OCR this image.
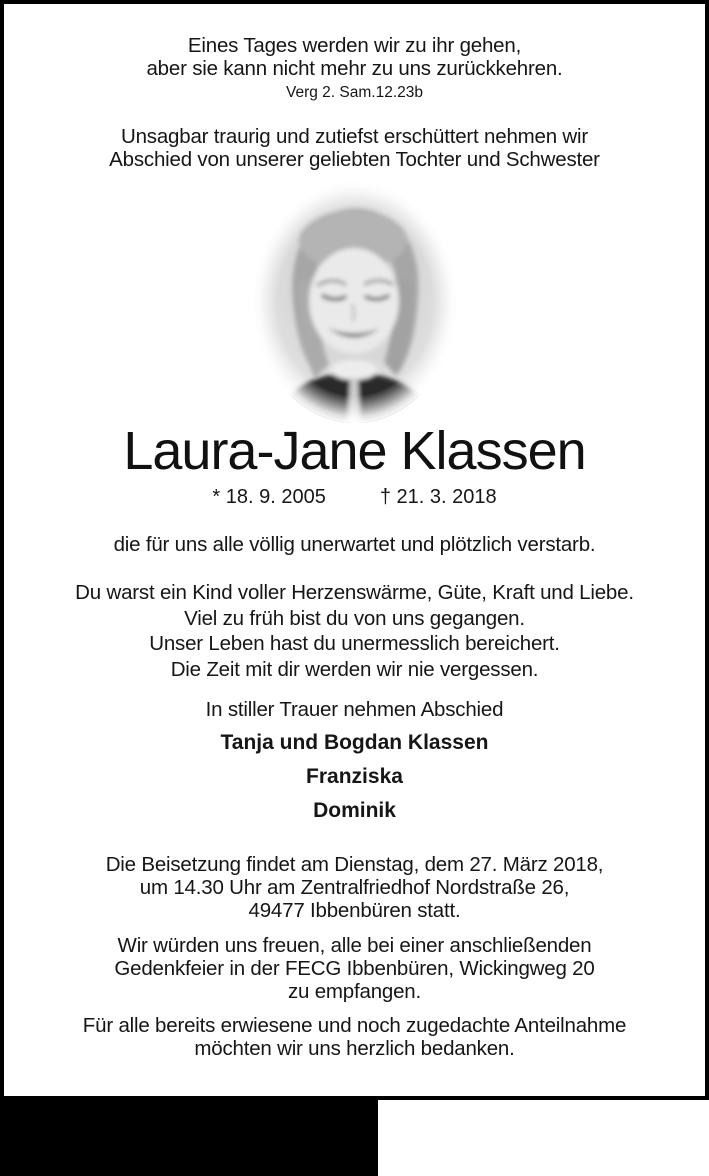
Eines Tages werden wir zu ihr gehen,

aber sie kann nicht mehr zu uns zurückkehren.

Verg 2. Sam.12.23b

Unsagbar traurig und zutiefst erschüttert nehmen wir

Abschied von unserer geliebten Tochter und Schwester

Laura-Jane Klassen

* 18. 9. 2005	† 21. 3. 2018

die für uns alle völlig unerwartet und plötzlich verstarb.

Du warst ein Kind voller Herzenswärme, Güte, Kraft und Liebe.

Viel zu früh bist du von uns gegangen.

Unser Leben hast du unermesslich bereichert.

Die Zeit mit dir werden wir nie vergessen.

In stiller Trauer nehmen Abschied

Tanja und Bogdan Klassen

Franziska

Dominik

Die Beisetzung findet am Dienstag, dem 27. März 2018,

um 14.30 Uhr am Zentralfriedhof Nordstraße 26,

49477 Ibbenbüren statt.

Wir würden uns freuen, alle bei einer anschließenden

Gedenkfeier in der FECG Ibbenbüren, Wickingweg 20

zu empfangen.

Für alle bereits erwiesene und noch zugedachte Anteilnahme

möchten wir uns herzlich bedanken.
